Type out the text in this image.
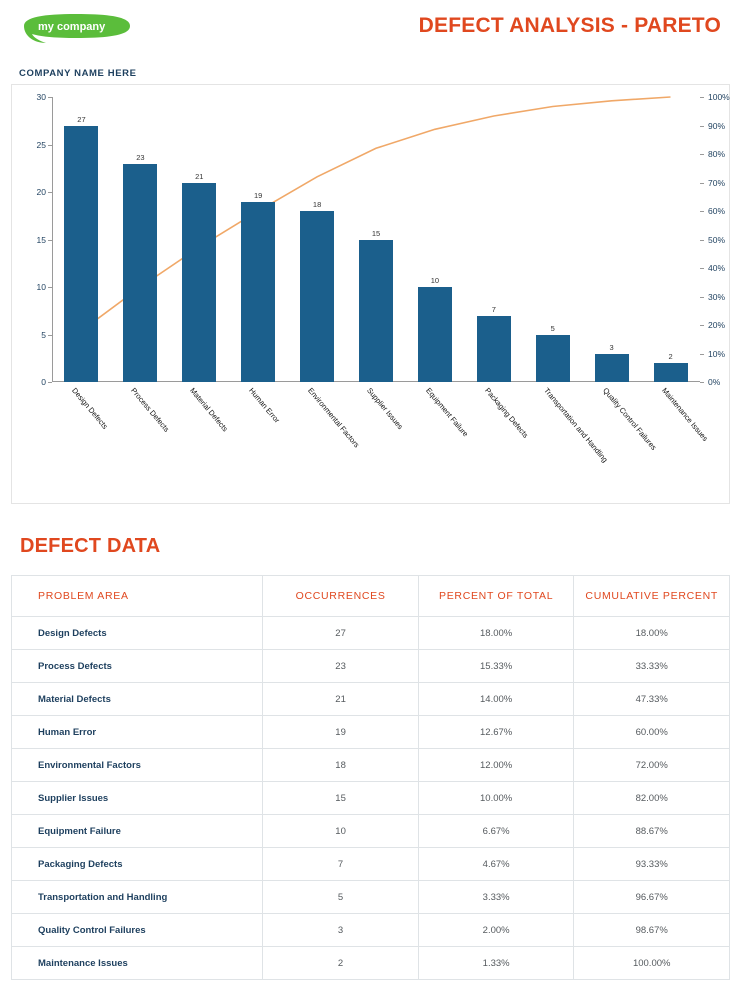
my company	DEFECT ANALYSIS - PARETO
COMPANY NAME HERE
0
5
10
15
20
25
30
0%
10%
20%
30%
40%
50%
60%
70%
80%
90%
100%
27
Design Defects
23
Process Defects
21
Material Defects
19
Human Error
18
Environmental Factors
15
Supplier Issues
10
Equipment Failure
7
Packaging Defects
5
Transportation and Handling
3
Quality Control Failures
2
Maintenance Issues
DEFECT DATA
PROBLEM AREA	OCCURRENCES	PERCENT OF TOTAL	CUMULATIVE PERCENT
Design Defects	27	18.00%	18.00%
Process Defects	23	15.33%	33.33%
Material Defects	21	14.00%	47.33%
Human Error	19	12.67%	60.00%
Environmental Factors	18	12.00%	72.00%
Supplier Issues	15	10.00%	82.00%
Equipment Failure	10	6.67%	88.67%
Packaging Defects	7	4.67%	93.33%
Transportation and Handling	5	3.33%	96.67%
Quality Control Failures	3	2.00%	98.67%
Maintenance Issues	2	1.33%	100.00%
